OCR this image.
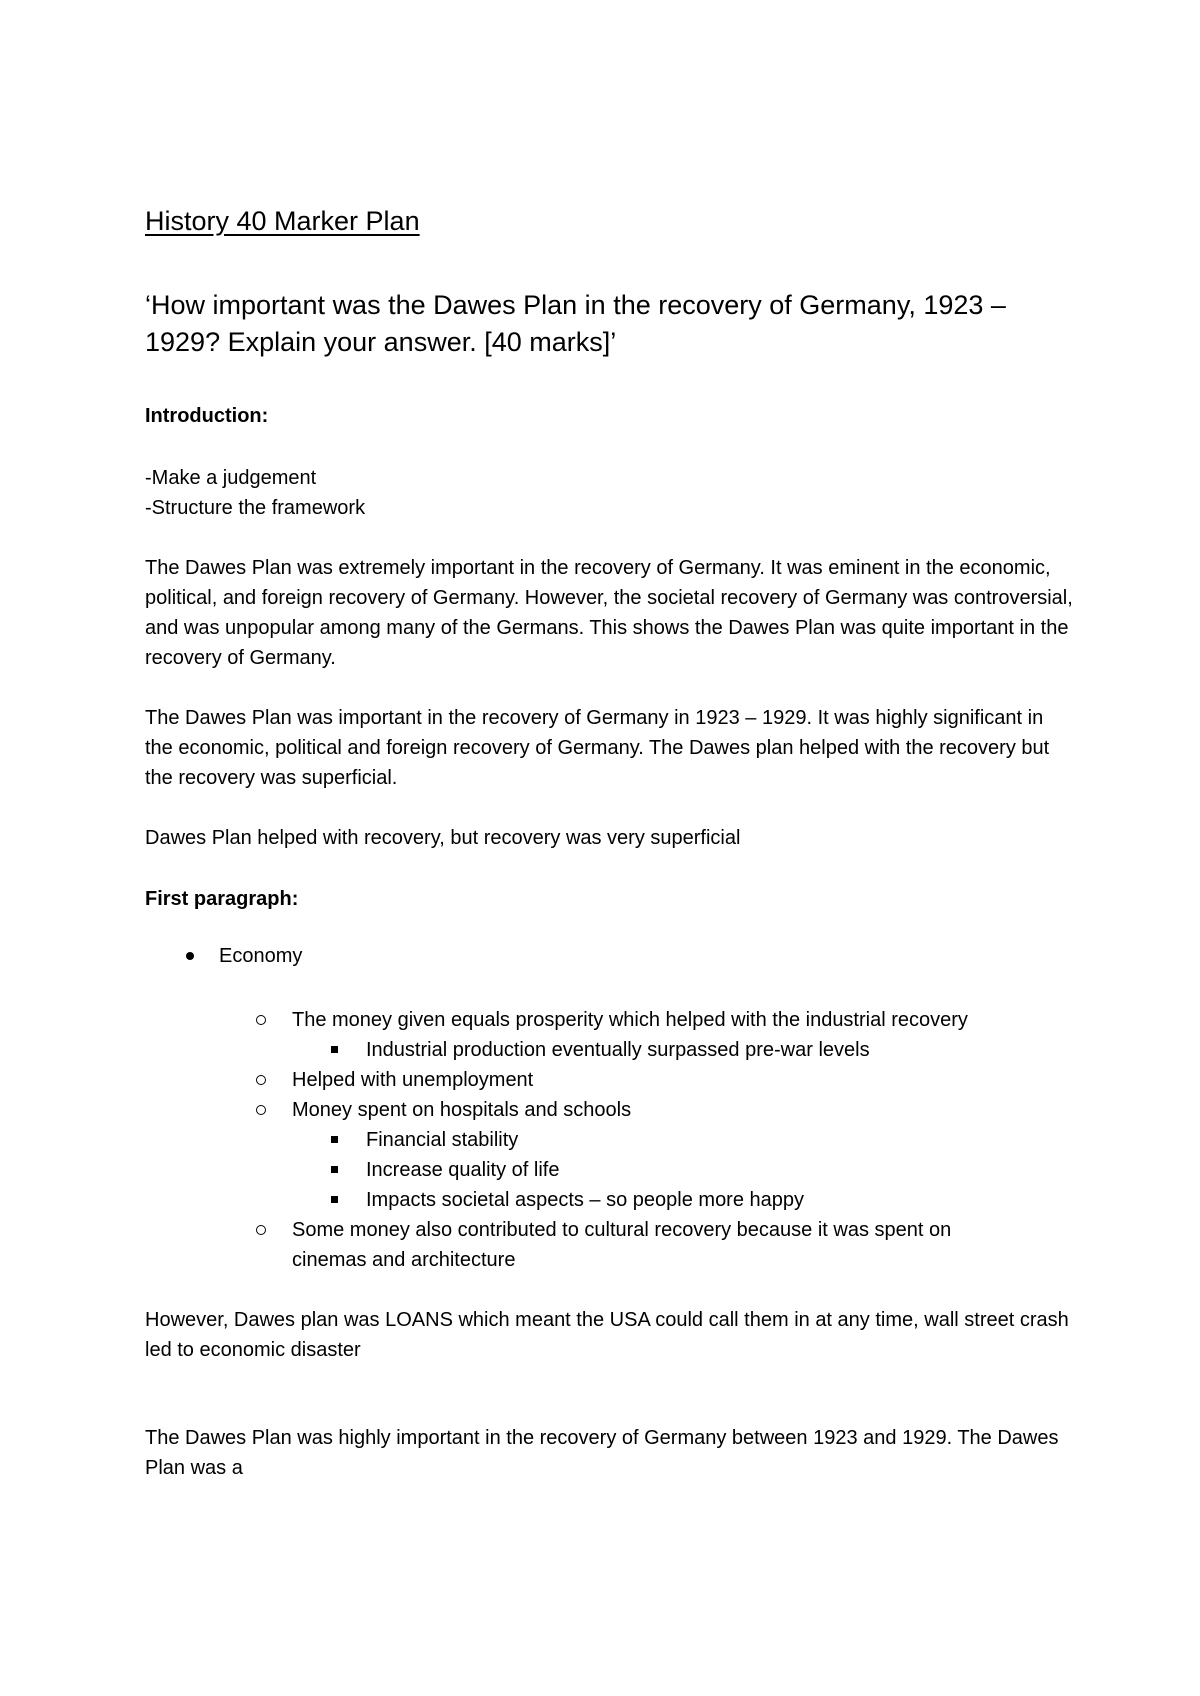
History 40 Marker Plan
‘How important was the Dawes Plan in the recovery of Germany, 1923 – 1929? Explain your answer. [40 marks]’
Introduction:
-Make a judgement
-Structure the framework
The Dawes Plan was extremely important in the recovery of Germany. It was eminent in the economic, political, and foreign recovery of Germany. However, the societal recovery of Germany was controversial, and was unpopular among many of the Germans. This shows the Dawes Plan was quite important in the recovery of Germany.
The Dawes Plan was important in the recovery of Germany in 1923 – 1929. It was highly significant in the economic, political and foreign recovery of Germany. The Dawes plan helped with the recovery but the recovery was superficial.
Dawes Plan helped with recovery, but recovery was very superficial
First paragraph:
Economy
The money given equals prosperity which helped with the industrial recovery
Industrial production eventually surpassed pre-war levels
Helped with unemployment
Money spent on hospitals and schools
Financial stability
Increase quality of life
Impacts societal aspects – so people more happy
Some money also contributed to cultural recovery because it was spent on
cinemas and architecture
However, Dawes plan was LOANS which meant the USA could call them in at any time, wall street crash led to economic disaster
The Dawes Plan was highly important in the recovery of Germany between 1923 and 1929. The Dawes Plan was a
